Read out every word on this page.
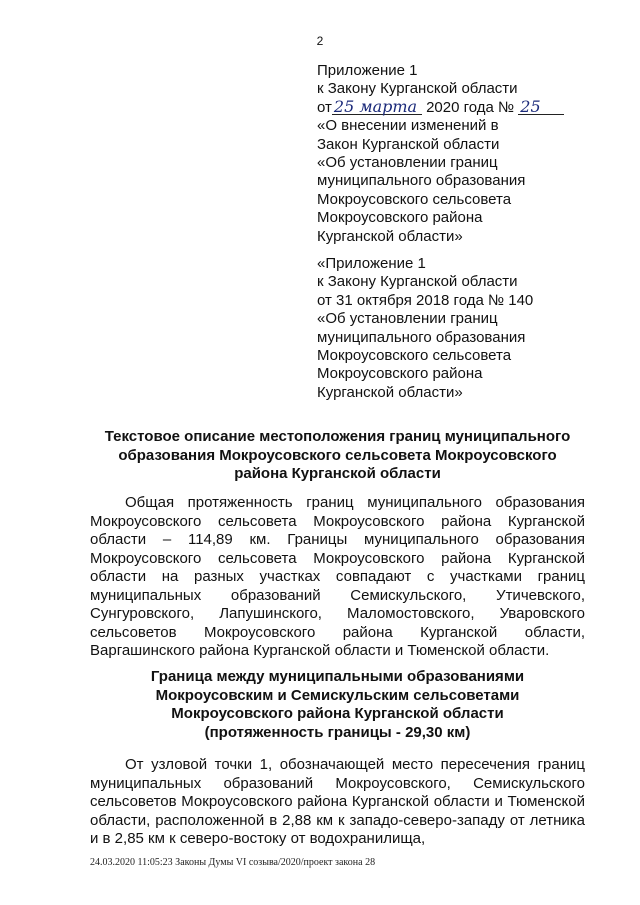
2
Приложение 1
к Закону Курганской области
от 25 марта 2020 года № 25
«О внесении изменений в
Закон Курганской области
«Об установлении границ
муниципального образования
Мокроусовского сельсовета
Мокроусовского района
Курганской области»
«Приложение 1
к Закону Курганской области
от 31 октября 2018 года № 140
«Об установлении границ
муниципального образования
Мокроусовского сельсовета
Мокроусовского района
Курганской области»
Текстовое описание местоположения границ муниципального образования Мокроусовского сельсовета Мокроусовского района Курганской области
Общая протяженность границ муниципального образования Мокроусовского сельсовета Мокроусовского района Курганской области – 114,89 км. Границы муниципального образования Мокроусовского сельсовета Мокроусовского района Курганской области на разных участках совпадают с участками границ муниципальных образований Семискульского, Утичевского, Сунгуровского, Лапушинского, Маломостовского, Уваровского сельсоветов Мокроусовского района Курганской области, Варгашинского района Курганской области и Тюменской области.
Граница между муниципальными образованиями
Мокроусовским и Семискульским сельсоветами
Мокроусовского района Курганской области
(протяженность границы - 29,30 км)
От узловой точки 1, обозначающей место пересечения границ муниципальных образований Мокроусовского, Семискульского сельсоветов Мокроусовского района Курганской области и Тюменской области, расположенной в 2,88 км к западо-северо-западу от летника и в 2,85 км к северо-востоку от водохранилища,
24.03.2020 11:05:23 Законы Думы VI созыва/2020/проект закона 28
